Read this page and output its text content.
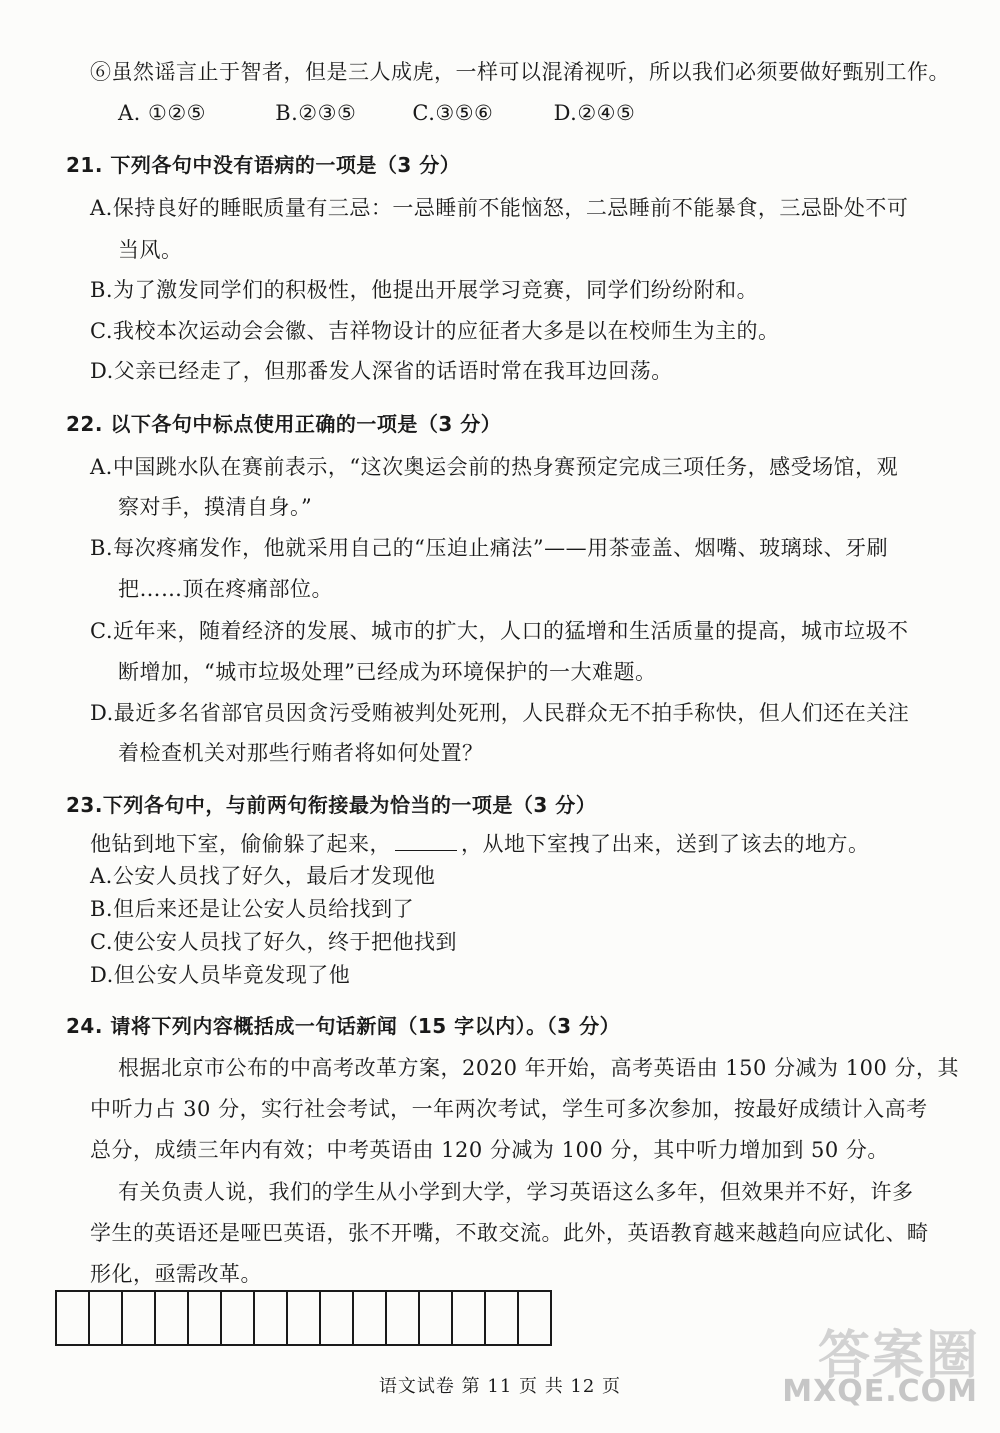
⑥虽然谣言止于智者，但是三人成虎，一样可以混淆视听，所以我们必须要做好甄别工作。
A. ①②⑤	B.②③⑤	C.③⑤⑥	D.②④⑤
21. 下列各句中没有语病的一项是（3 分）
A.保持良好的睡眠质量有三忌：一忌睡前不能恼怒，二忌睡前不能暴食，三忌卧处不可
当风。
B.为了激发同学们的积极性，他提出开展学习竞赛，同学们纷纷附和。
C.我校本次运动会会徽、吉祥物设计的应征者大多是以在校师生为主的。
D.父亲已经走了，但那番发人深省的话语时常在我耳边回荡。
22. 以下各句中标点使用正确的一项是（3 分）
A.中国跳水队在赛前表示，“这次奥运会前的热身赛预定完成三项任务，感受场馆，观
察对手，摸清自身。”
B.每次疼痛发作，他就采用自己的“压迫止痛法”——用茶壶盖、烟嘴、玻璃球、牙刷
把……顶在疼痛部位。
C.近年来，随着经济的发展、城市的扩大，人口的猛增和生活质量的提高，城市垃圾不
断增加，“城市垃圾处理”已经成为环境保护的一大难题。
D.最近多名省部官员因贪污受贿被判处死刑，人民群众无不拍手称快，但人们还在关注
着检查机关对那些行贿者将如何处置？
23.下列各句中，与前两句衔接最为恰当的一项是（3 分）
他钻到地下室，偷偷躲了起来，	，从地下室拽了出来，送到了该去的地方。
A.公安人员找了好久，最后才发现他
B.但后来还是让公安人员给找到了
C.使公安人员找了好久，终于把他找到
D.但公安人员毕竟发现了他
24. 请将下列内容概括成一句话新闻（15 字以内）。（3 分）
根据北京市公布的中高考改革方案，2020 年开始，高考英语由 150 分减为 100 分，其
中听力占 30 分，实行社会考试，一年两次考试，学生可多次参加，按最好成绩计入高考
总分，成绩三年内有效；中考英语由 120 分减为 100 分，其中听力增加到 50 分。
有关负责人说，我们的学生从小学到大学，学习英语这么多年，但效果并不好，许多
学生的英语还是哑巴英语，张不开嘴，不敢交流。此外，英语教育越来越趋向应试化、畸
形化，亟需改革。
语文试卷 第 11 页 共 12 页
答案圈
MXQE.COM
